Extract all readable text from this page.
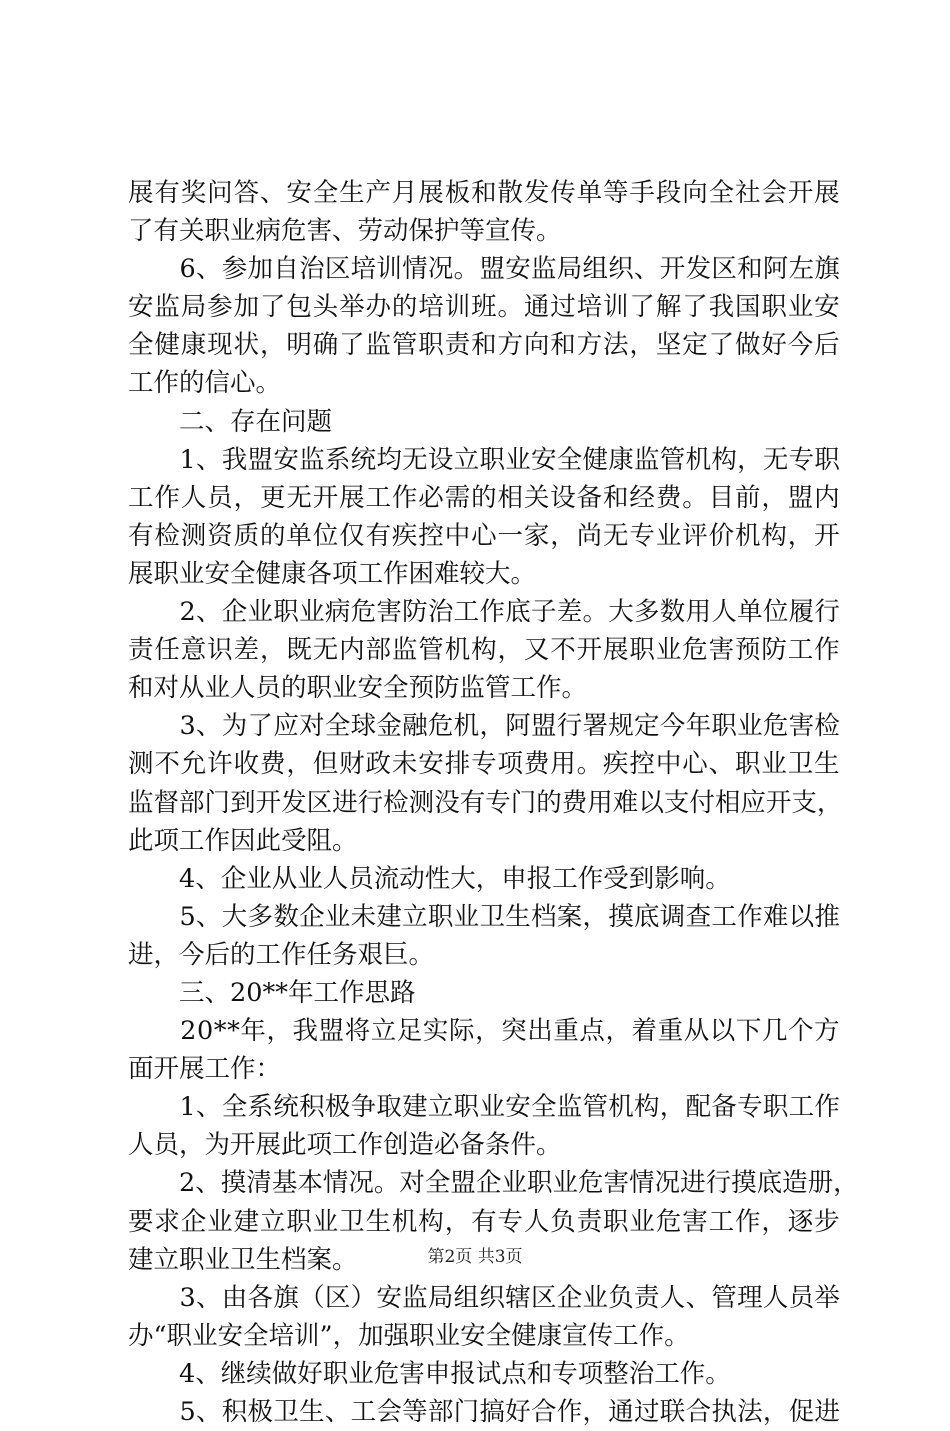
展 有 奖 问 答 、 安 全 生 产 月 展 板 和 散 发 传 单 等 手 段 向 全 社 会 开 展

了有关职业病危害、劳动保护等宣传。

6 、 参 加 自 治 区 培 训 情 况 。 盟 安 监 局 组 织 、 开 发 区 和 阿 左 旗

安 监 局 参 加 了 包 头 举 办 的 培 训 班 。 通 过 培 训 了 解 了 我 国 职 业 安

全 健 康 现 状 ， 明 确 了 监 管 职 责 和 方 向 和 方 法 ， 坚 定 了 做 好 今 后

工作的信心。

　　二、存在问题

1 、 我 盟 安 监 系 统 均 无 设 立 职 业 安 全 健 康 监 管 机 构 ， 无 专 职

工 作 人 员 ， 更 无 开 展 工 作 必 需 的 相 关 设 备 和 经 费 。 目 前 ， 盟 内

有 检 测 资 质 的 单 位 仅 有 疾 控 中 心 一 家 ， 尚 无 专 业 评 价 机 构 ， 开

展职业安全健康各项工作困难较大。

2 、 企 业 职 业 病 危 害 防 治 工 作 底 子 差 。 大 多 数 用 人 单 位 履 行

责 任 意 识 差 ， 既 无 内 部 监 管 机 构 ， 又 不 开 展 职 业 危 害 预 防 工 作

和对从业人员的职业安全预防监管工作。

3 、 为 了 应 对 全 球 金 融 危 机 ， 阿 盟 行 署 规 定 今 年 职 业 危 害 检

测 不 允 许 收 费 ， 但 财 政 未 安 排 专 项 费 用 。 疾 控 中 心 、 职 业 卫 生

监 督 部 门 到 开 发 区 进 行 检 测 没 有 专 门 的 费 用 难 以 支 付 相 应 开 支 ，

此项工作因此受阻。

　　4、企业从业人员流动性大，申报工作受到影响。

5 、 大 多 数 企 业 未 建 立 职 业 卫 生 档 案 ， 摸 底 调 查 工 作 难 以 推

进，今后的工作任务艰巨。

　　三、20**年工作思路

2 0 * * 年 ， 我 盟 将 立 足 实 际 ， 突 出 重 点 ， 着 重 从 以 下 几 个 方

面开展工作：

1 、 全 系 统 积 极 争 取 建 立 职 业 安 全 监 管 机 构 ， 配 备 专 职 工 作

人员，为开展此项工作创造必备条件。

2 、 摸 清 基 本 情 况 。 对 全 盟 企 业 职 业 危 害 情 况 进 行 摸 底 造 册 ，

要 求 企 业 建 立 职 业 卫 生 机 构 ， 有 专 人 负 责 职 业 危 害 工 作 ， 逐 步

建立职业卫生档案。

3 、 由 各 旗 （ 区 ） 安 监 局 组 织 辖 区 企 业 负 责 人 、 管 理 人 员 举

办“职业安全培训”，加强职业安全健康宣传工作。

　　4、继续做好职业危害申报试点和专项整治工作。

5 、 积 极 卫 生 、 工 会 等 部 门 搞 好 合 作 ， 通 过 联 合 执 法 ， 促 进

第2页 共3页
